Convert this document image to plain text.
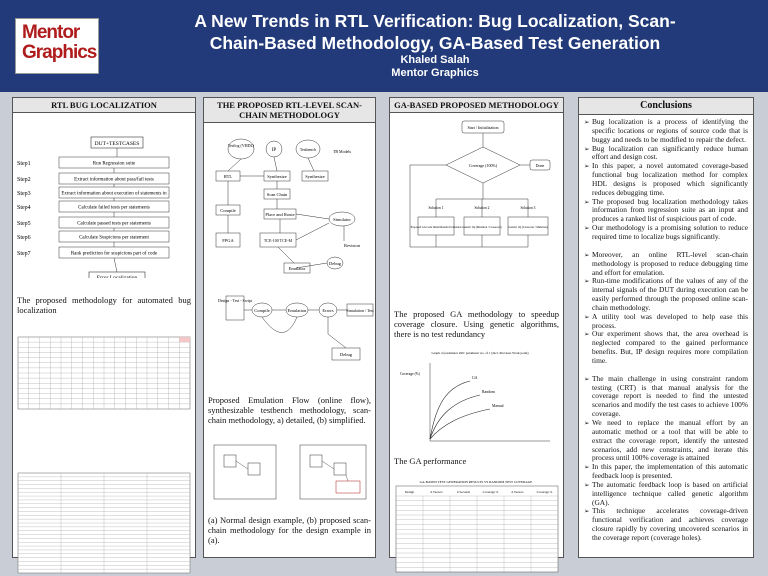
Mentor
Graphics
A New Trends in RTL Verification: Bug Localization, Scan-
Chain-Based Methodology, GA-Based Test Generation
Khaled Salah
Mentor Graphics
RTL BUG LOCALIZATION
DUT+TESTCASES
Run Regression suite
Step1
Extract information about pass/fail tests
Step2
Extract information about execution of statements in
Step3
Calculate failed tests per statements
Step4
Calculate passed tests per statements
Step5
Calculate Suspicions per statement
Step6
Rank prediction for suspicions part of code
Step7
Error Localization
The proposed methodology for automated bug localization
THE PROPOSED RTL-LEVEL SCAN-CHAIN METHODOLOGY
Verilog (VHDL)
IP	Testbench	TB Models
RTL	Synthesize	Synthesize
Scan Chain
Compile
Place and Route
Simulator
FPGA	TCE-100 TCE-M
Revision
Emulator
Debug

Design - Test - Script
Compile	Emulation	Errors	Simulation / Test
Debug
Proposed Emulation Flow (online flow), synthesizable testbench methodology, scan-chain methodology, a) detailed, (b) simplified.
(a) Normal design example, (b) proposed scan-chain methodology for the design example in (a).
GA-BASED PROPOSED METHODOLOGY
Start / Initialization
Coverage (100%)	Done
Solution 1	Solution 2	Solution 3
Proposed GA Code Initial Results Evaluation Genetic Op (Mutation / Crossover) Genetic Op (Crossover / Mutation)
The proposed GA methodology to speedup coverage closure. Using genetic algorithms, there is no test redundancy
Graph of parameter #20: parameter no. of 1 (Incl. Previous Work point)
Coverage (%)
GA
Random
Manual
The GA performance
GA-BASED TEST GENERATION RESULTS VS RANDOM TEST COVERAGE
Design	# Vectors	# Seconds	Coverage %	# Vectors	Coverage %
Conclusions
➢ Bug localization is a process of identifying the specific locations or regions of source code that is buggy and needs to be modified to repair the defect.
➢ Bug localization can significantly reduce human effort and design cost.
➢ In this paper, a novel automated coverage-based functional bug localization method for complex HDL designs is proposed which significantly reduces debugging time.
➢ The proposed bug localization methodology takes information from regression suite as an input and produces a ranked list of suspicious part of code.
➢ Our methodology is a promising solution to reduce required time to localize bugs significantly.
➢ Moreover, an online RTL-level scan-chain methodology is proposed to reduce debugging time and effort for emulation.
➢ Run-time modifications of the values of any of the internal signals of the DUT during execution can be easily performed through the proposed online scan-chain methodology.
➢ A utility tool was developed to help ease this process.
➢ Our experiment shows that, the area overhead is neglected compared to the gained performance benefits. But, IP design requires more compilation time.
➢ The main challenge in using constraint random testing (CRT) is that manual analysis for the coverage report is needed to find the untested scenarios and modify the test cases to achieve 100% coverage.
➢ We need to replace the manual effort by an automatic method or a tool that will be able to extract the coverage report, identify the untested scenarios, add new constraints, and iterate this process until 100% coverage is attained
➢ In this paper, the implementation of this automatic feedback loop is presented.
➢ The automatic feedback loop is based on artificial intelligence technique called genetic algorithm (GA).
➢ This technique accelerates coverage-driven functional verification and achieves coverage closure rapidly by covering uncovered scenarios in the coverage report (coverage holes).
